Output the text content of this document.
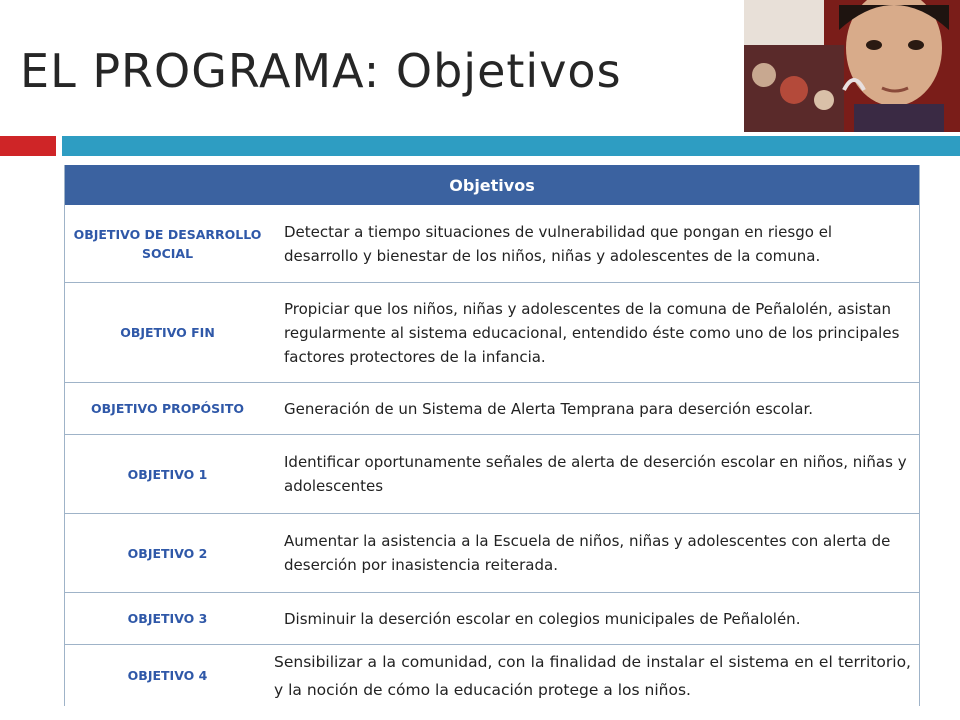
EL PROGRAMA: Objetivos
Objetivos
OBJETIVO DE DESARROLLO SOCIAL
Detectar a tiempo situaciones de vulnerabilidad que pongan en riesgo el desarrollo y bienestar de los niños, niñas y adolescentes de la comuna.
OBJETIVO FIN
Propiciar que los niños, niñas y adolescentes de la comuna de Peñalolén, asistan regularmente al sistema educacional, entendido éste como uno de los principales factores protectores de la infancia.
OBJETIVO PROPÓSITO	Generación de un Sistema de Alerta Temprana para deserción escolar.
OBJETIVO 1
Identificar oportunamente señales de alerta de deserción escolar en niños, niñas y adolescentes
OBJETIVO 2
Aumentar la asistencia a la Escuela de niños, niñas y adolescentes con alerta de deserción por inasistencia reiterada.
OBJETIVO 3	Disminuir la deserción escolar en colegios municipales de Peñalolén.
OBJETIVO 4
Sensibilizar a la comunidad, con la finalidad de instalar el sistema en el territorio, y la noción de cómo la educación protege a los niños.
